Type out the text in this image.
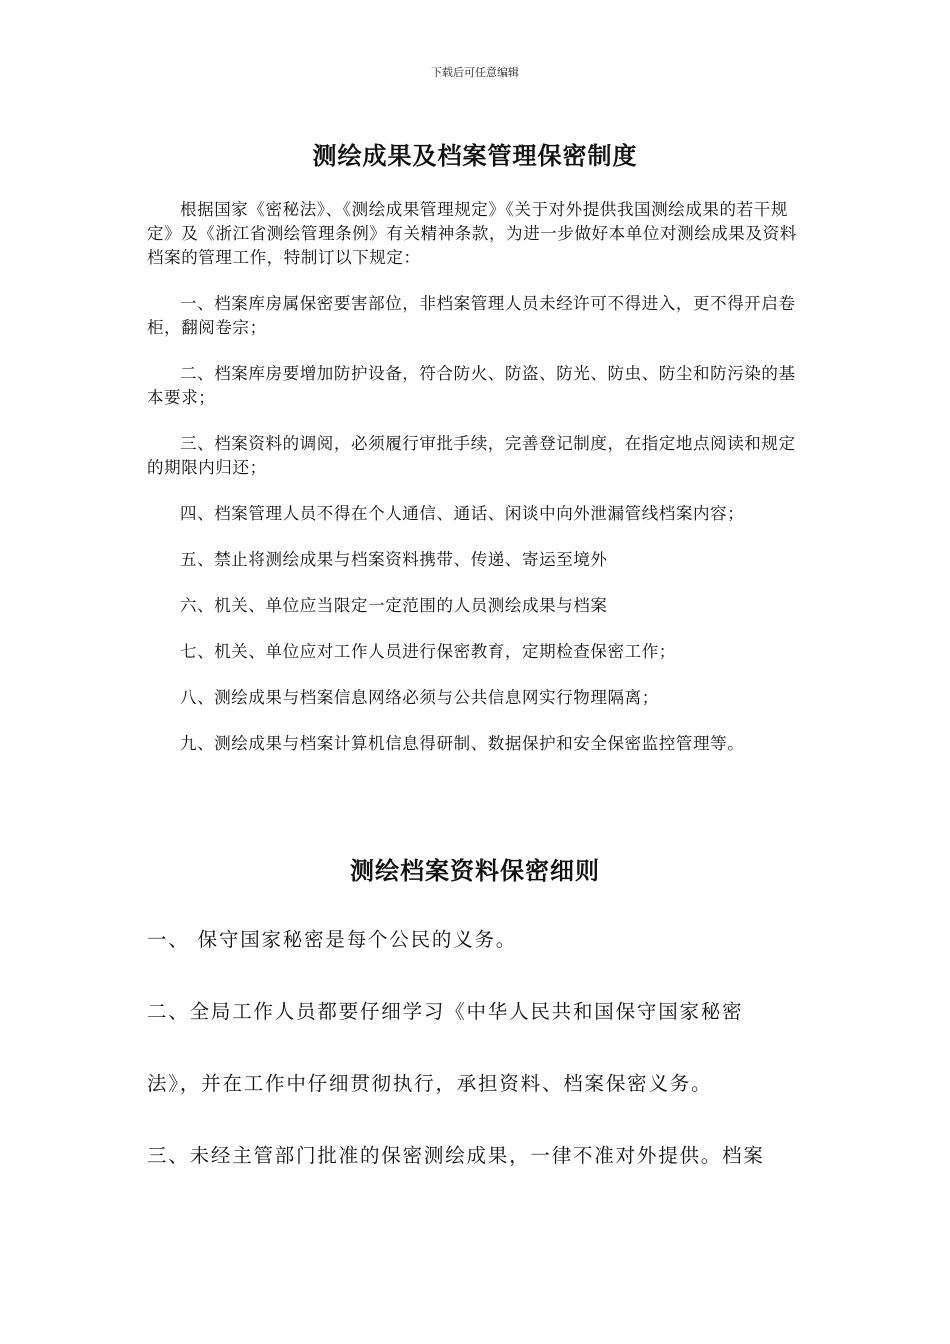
下载后可任意编辑
测绘成果及档案管理保密制度

根据国家《密秘法》、《测绘成果管理规定》《关于对外提供我国测绘成果的若干规定》及《浙江省测绘管理条例》有关精神条款，为进一步做好本单位对测绘成果及资料档案的管理工作，特制订以下规定：

一、档案库房属保密要害部位，非档案管理人员未经许可不得进入，更不得开启卷柜，翻阅卷宗；

二、档案库房要增加防护设备，符合防火、防盗、防光、防虫、防尘和防污染的基本要求；

三、档案资料的调阅，必须履行审批手续，完善登记制度，在指定地点阅读和规定的期限内归还；

四、档案管理人员不得在个人通信、通话、闲谈中向外泄漏管线档案内容；

五、禁止将测绘成果与档案资料携带、传递、寄运至境外

六、机关、单位应当限定一定范围的人员测绘成果与档案

七、机关、单位应对工作人员进行保密教育，定期检查保密工作；

八、测绘成果与档案信息网络必须与公共信息网实行物理隔离；

九、测绘成果与档案计算机信息得研制、数据保护和安全保密监控管理等。

测绘档案资料保密细则

一、 保守国家秘密是每个公民的义务。

二、全局工作人员都要仔细学习《中华人民共和国保守国家秘密

法》，并在工作中仔细贯彻执行，承担资料、档案保密义务。

三、未经主管部门批准的保密测绘成果，一律不准对外提供。档案
